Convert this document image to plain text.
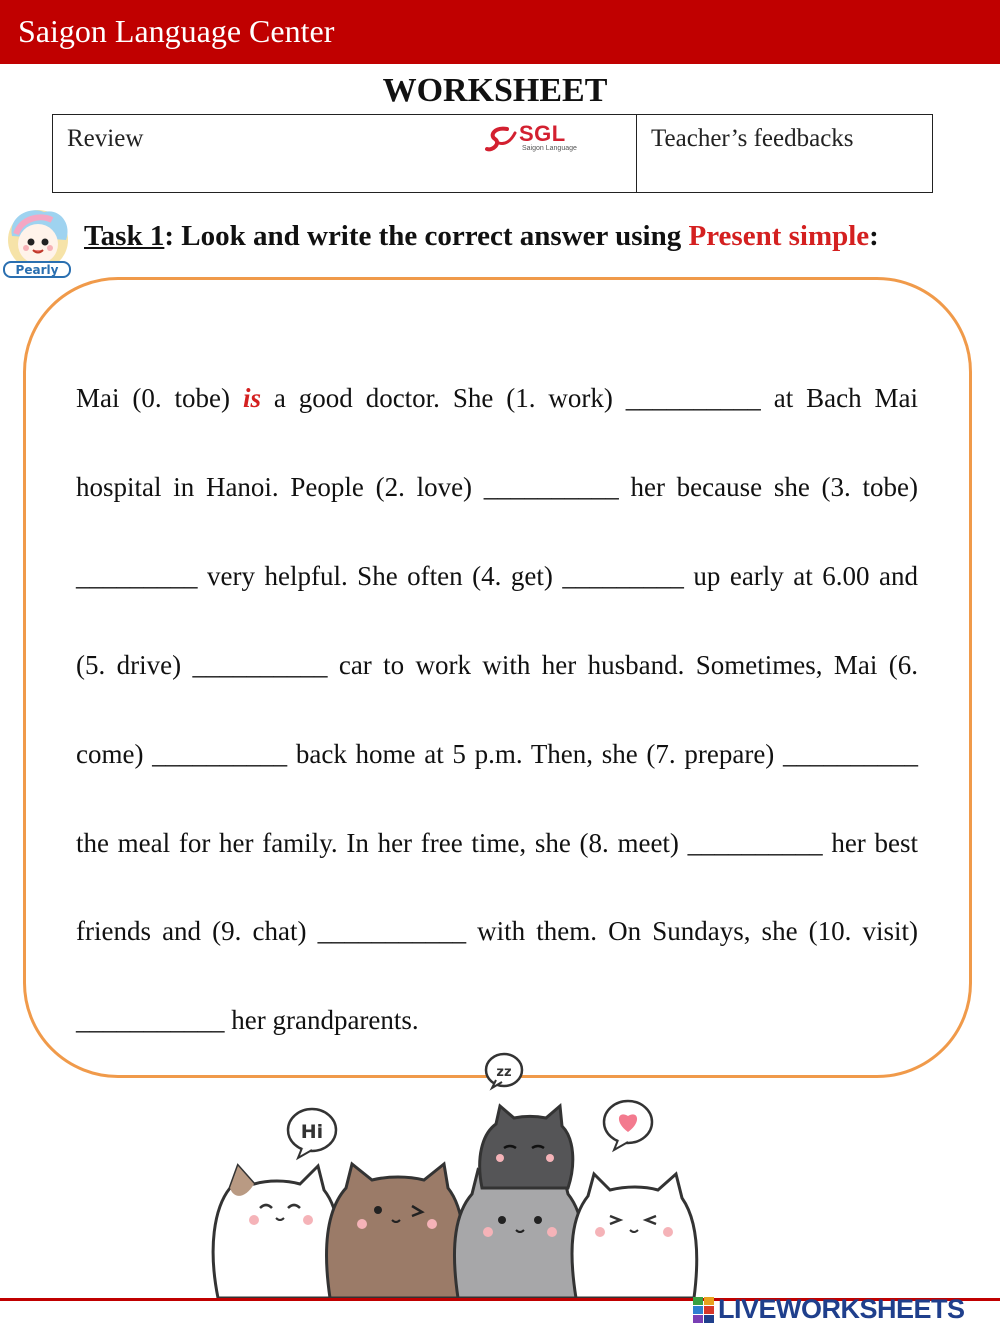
Saigon Language Center
WORKSHEET
Review	SGL
Saigon Language	Teacher’s feedbacks
Pearly
Task 1: Look and write the correct answer using Present simple:
Mai (0. tobe) is a good doctor. She (1. work) __________ at Bach Mai hospital in Hanoi. People (2. love) __________ her because she (3. tobe) _________ very helpful. She often (4. get) _________ up early at 6.00 and (5. drive) __________ car to work with her husband. Sometimes, Mai (6. come) __________ back home at 5 p.m. Then, she (7. prepare) __________ the meal for her family. In her free time, she (8. meet) __________ her best friends and (9. chat) ___________ with them. On Sundays, she (10. visit) ___________ her grandparents.
zz
Hi
LIVEWORKSHEETS
